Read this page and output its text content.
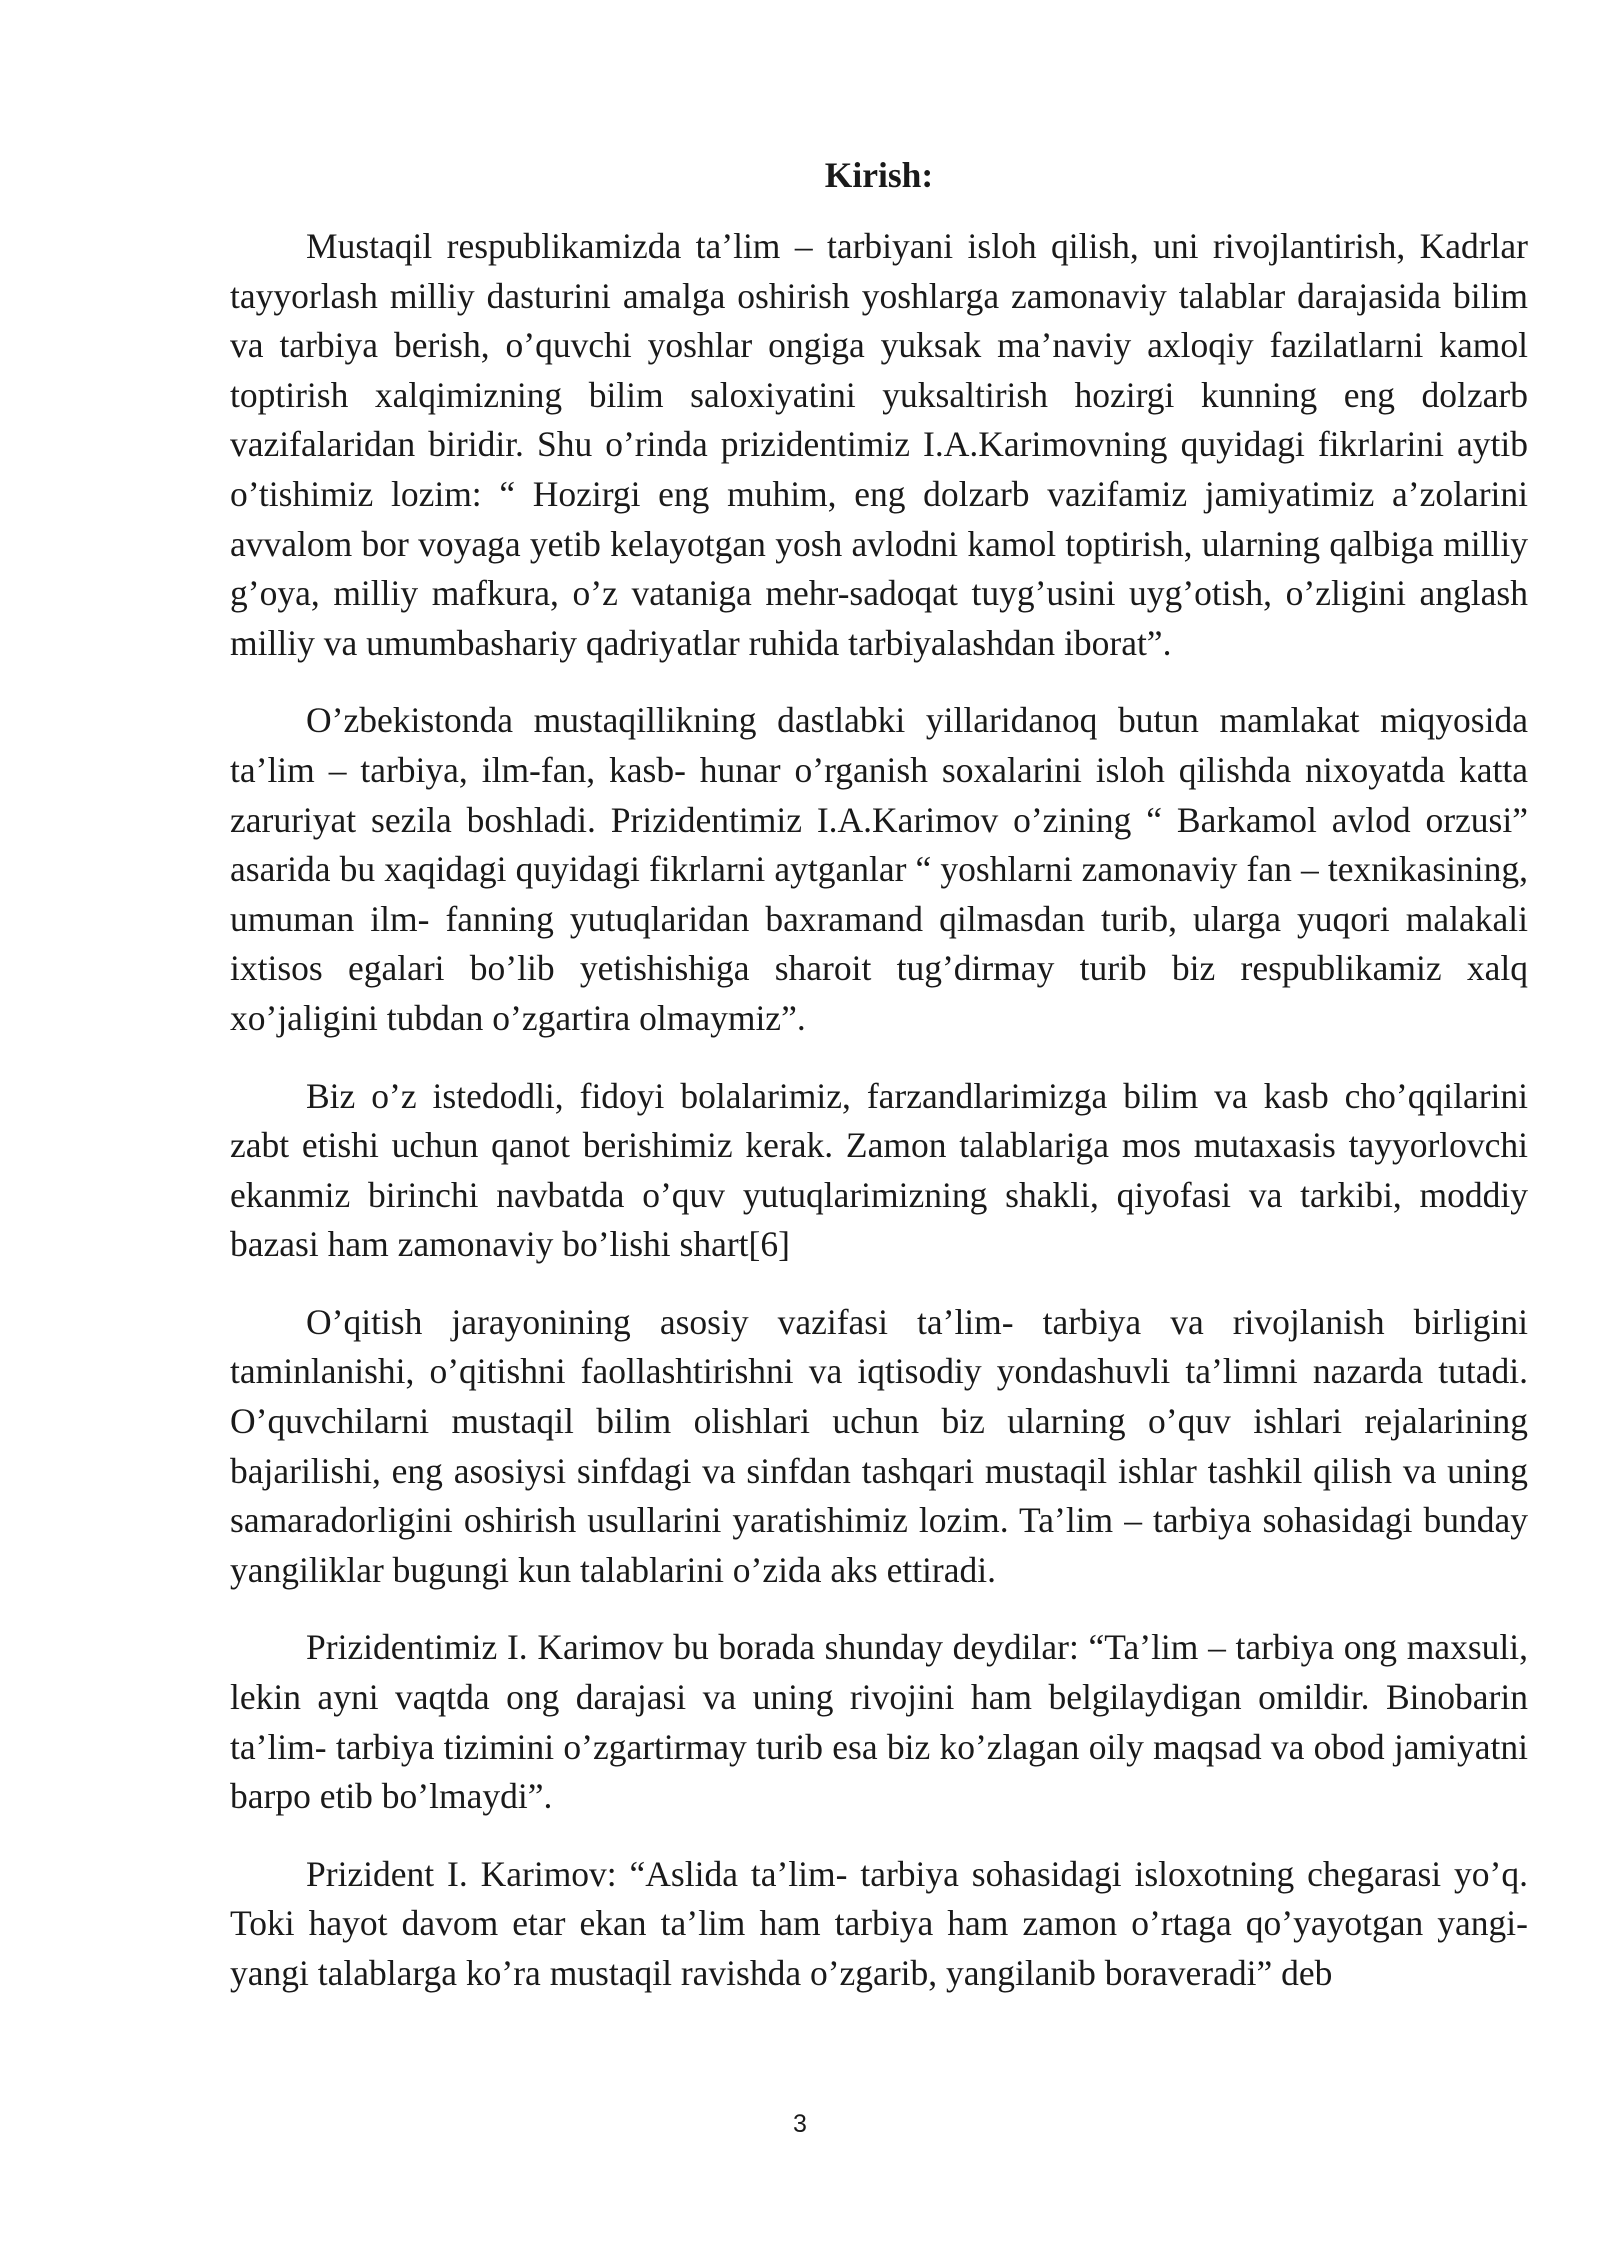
Kirish:

Mustaqil respublikamizda ta’lim – tarbiyani isloh qilish, uni rivojlantirish, Kadrlar tayyorlash milliy dasturini amalga oshirish yoshlarga zamonaviy talablar darajasida bilim va tarbiya berish, o’quvchi yoshlar ongiga yuksak ma’naviy axloqiy fazilatlarni kamol toptirish xalqimizning bilim saloxiyatini yuksaltirish hozirgi kunning eng dolzarb vazifalaridan biridir. Shu o’rinda prizidentimiz I.A.Karimovning quyidagi fikrlarini aytib o’tishimiz lozim: “ Hozirgi eng muhim, eng dolzarb vazifamiz jamiyatimiz a’zolarini avvalom bor voyaga yetib kelayotgan yosh avlodni kamol toptirish, ularning qalbiga milliy g’oya, milliy mafkura, o’z vataniga mehr-sadoqat tuyg’usini uyg’otish, o’zligini anglash milliy va umumbashariy qadriyatlar ruhida tarbiyalashdan iborat”.

O’zbekistonda mustaqillikning dastlabki yillaridanoq butun mamlakat miqyosida ta’lim – tarbiya, ilm-fan, kasb- hunar o’rganish soxalarini isloh qilishda nixoyatda katta zaruriyat sezila boshladi. Prizidentimiz I.A.Karimov o’zining “ Barkamol avlod orzusi” asarida bu xaqidagi quyidagi fikrlarni aytganlar “ yoshlarni zamonaviy fan – texnikasining, umuman ilm- fanning yutuqlaridan baxramand qilmasdan turib, ularga yuqori malakali ixtisos egalari bo’lib yetishishiga sharoit tug’dirmay turib biz respublikamiz xalq xo’jaligini tubdan o’zgartira olmaymiz”.

Biz o’z istedodli, fidoyi bolalarimiz, farzandlarimizga bilim va kasb cho’qqilarini zabt etishi uchun qanot berishimiz kerak. Zamon talablariga mos mutaxasis tayyorlovchi ekanmiz birinchi navbatda o’quv yutuqlarimizning shakli, qiyofasi va tarkibi, moddiy bazasi ham zamonaviy bo’lishi shart[6]

O’qitish jarayonining asosiy vazifasi ta’lim- tarbiya va rivojlanish birligini taminlanishi, o’qitishni faollashtirishni va iqtisodiy yondashuvli ta’limni nazarda tutadi. O’quvchilarni mustaqil bilim olishlari uchun biz ularning o’quv ishlari rejalarining bajarilishi, eng asosiysi sinfdagi va sinfdan tashqari mustaqil ishlar tashkil qilish va uning samaradorligini oshirish usullarini yaratishimiz lozim. Ta’lim – tarbiya sohasidagi bunday yangiliklar bugungi kun talablarini o’zida aks ettiradi.

Prizidentimiz I. Karimov bu borada shunday deydilar: “Ta’lim – tarbiya ong maxsuli, lekin ayni vaqtda ong darajasi va uning rivojini ham belgilaydigan omildir. Binobarin ta’lim- tarbiya tizimini o’zgartirmay turib esa biz ko’zlagan oily maqsad va obod jamiyatni barpo etib bo’lmaydi”.

Prizident I. Karimov: “Aslida ta’lim- tarbiya sohasidagi isloxotning chegarasi yo’q. Toki hayot davom etar ekan ta’lim ham tarbiya ham zamon o’rtaga qo’yayotgan yangi- yangi talablarga ko’ra mustaqil ravishda o’zgarib, yangilanib boraveradi” deb

3
